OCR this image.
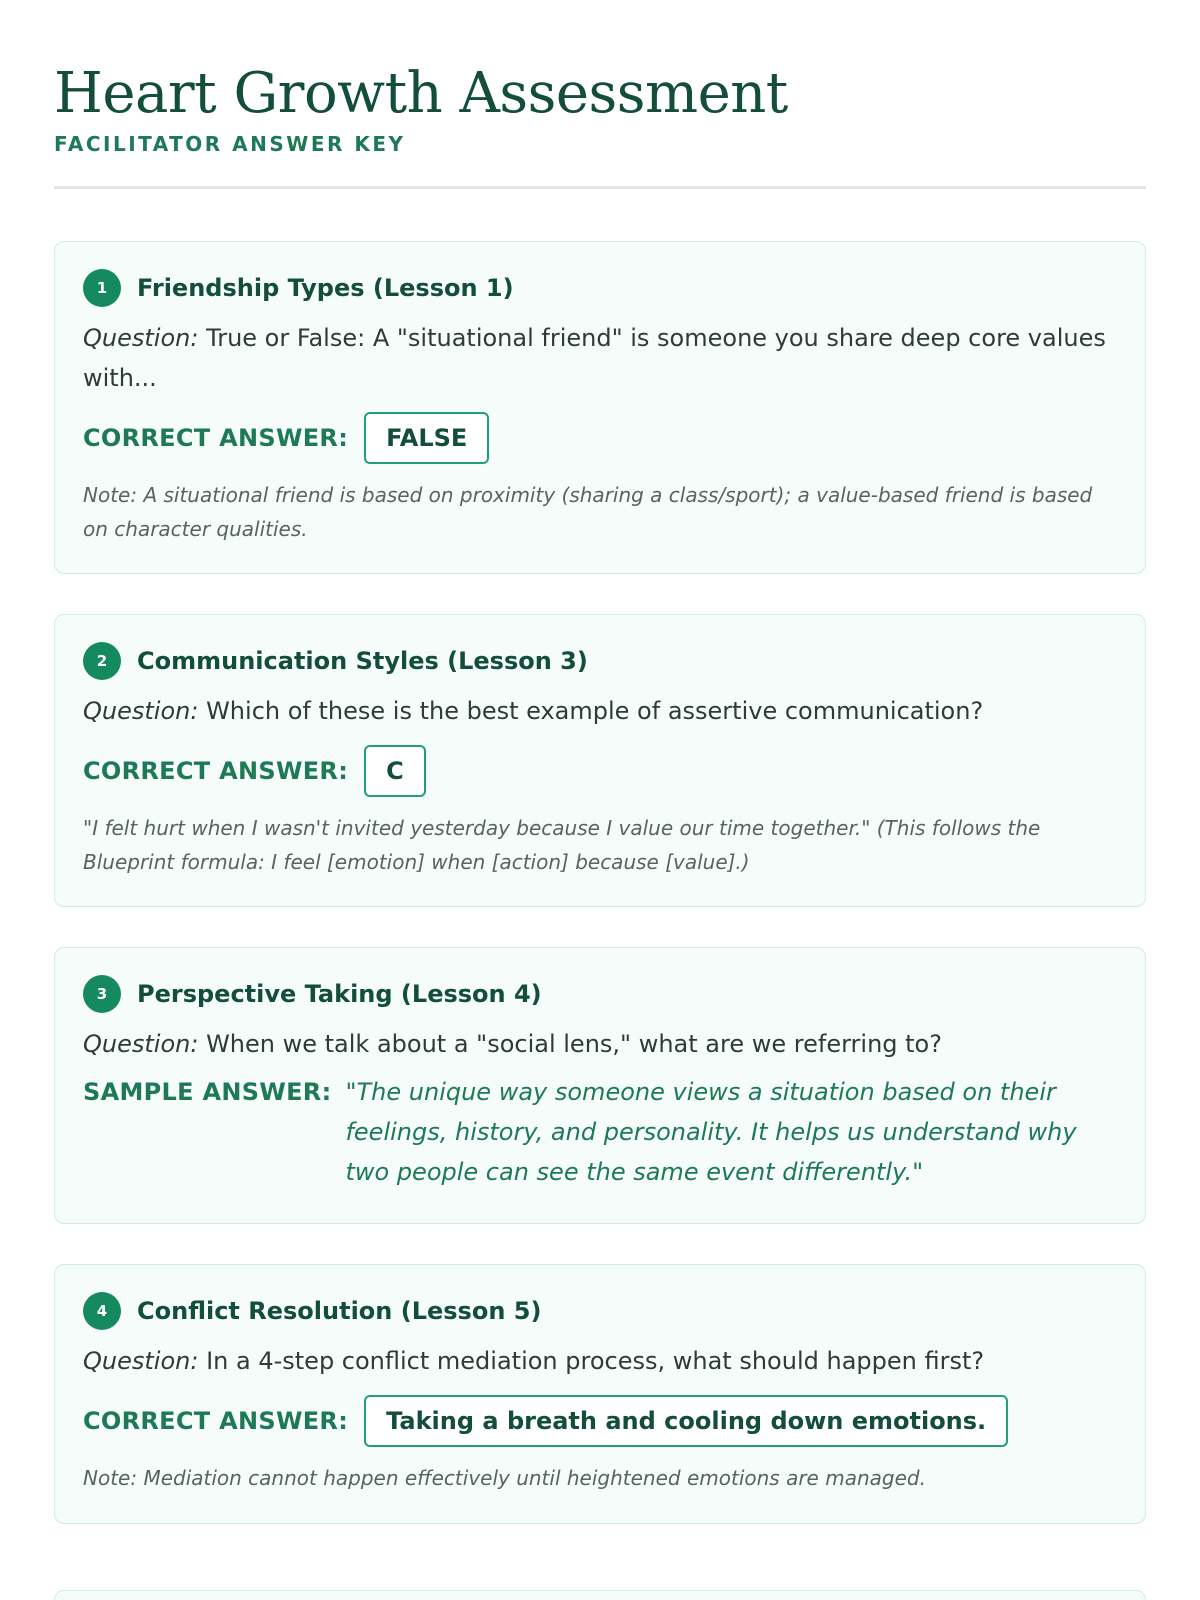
Heart Growth Assessment
FACILITATOR ANSWER KEY
1	Friendship Types (Lesson 1)
Question: True or False: A "situational friend" is someone you share deep core values with...
CORRECT ANSWER:	FALSE
Note: A situational friend is based on proximity (sharing a class/sport); a value-based friend is based on character qualities.
2	Communication Styles (Lesson 3)
Question: Which of these is the best example of assertive communication?
CORRECT ANSWER:	C
"I felt hurt when I wasn't invited yesterday because I value our time together." (This follows the Blueprint formula: I feel [emotion] when [action] because [value].)
3	Perspective Taking (Lesson 4)
Question: When we talk about a "social lens," what are we referring to?
SAMPLE ANSWER: "The unique way someone views a situation based on their feelings, history, and personality. It helps us understand why two people can see the same event differently."
4	Conflict Resolution (Lesson 5)
Question: In a 4-step conflict mediation process, what should happen first?
CORRECT ANSWER:	Taking a breath and cooling down emotions.
Note: Mediation cannot happen effectively until heightened emotions are managed.
